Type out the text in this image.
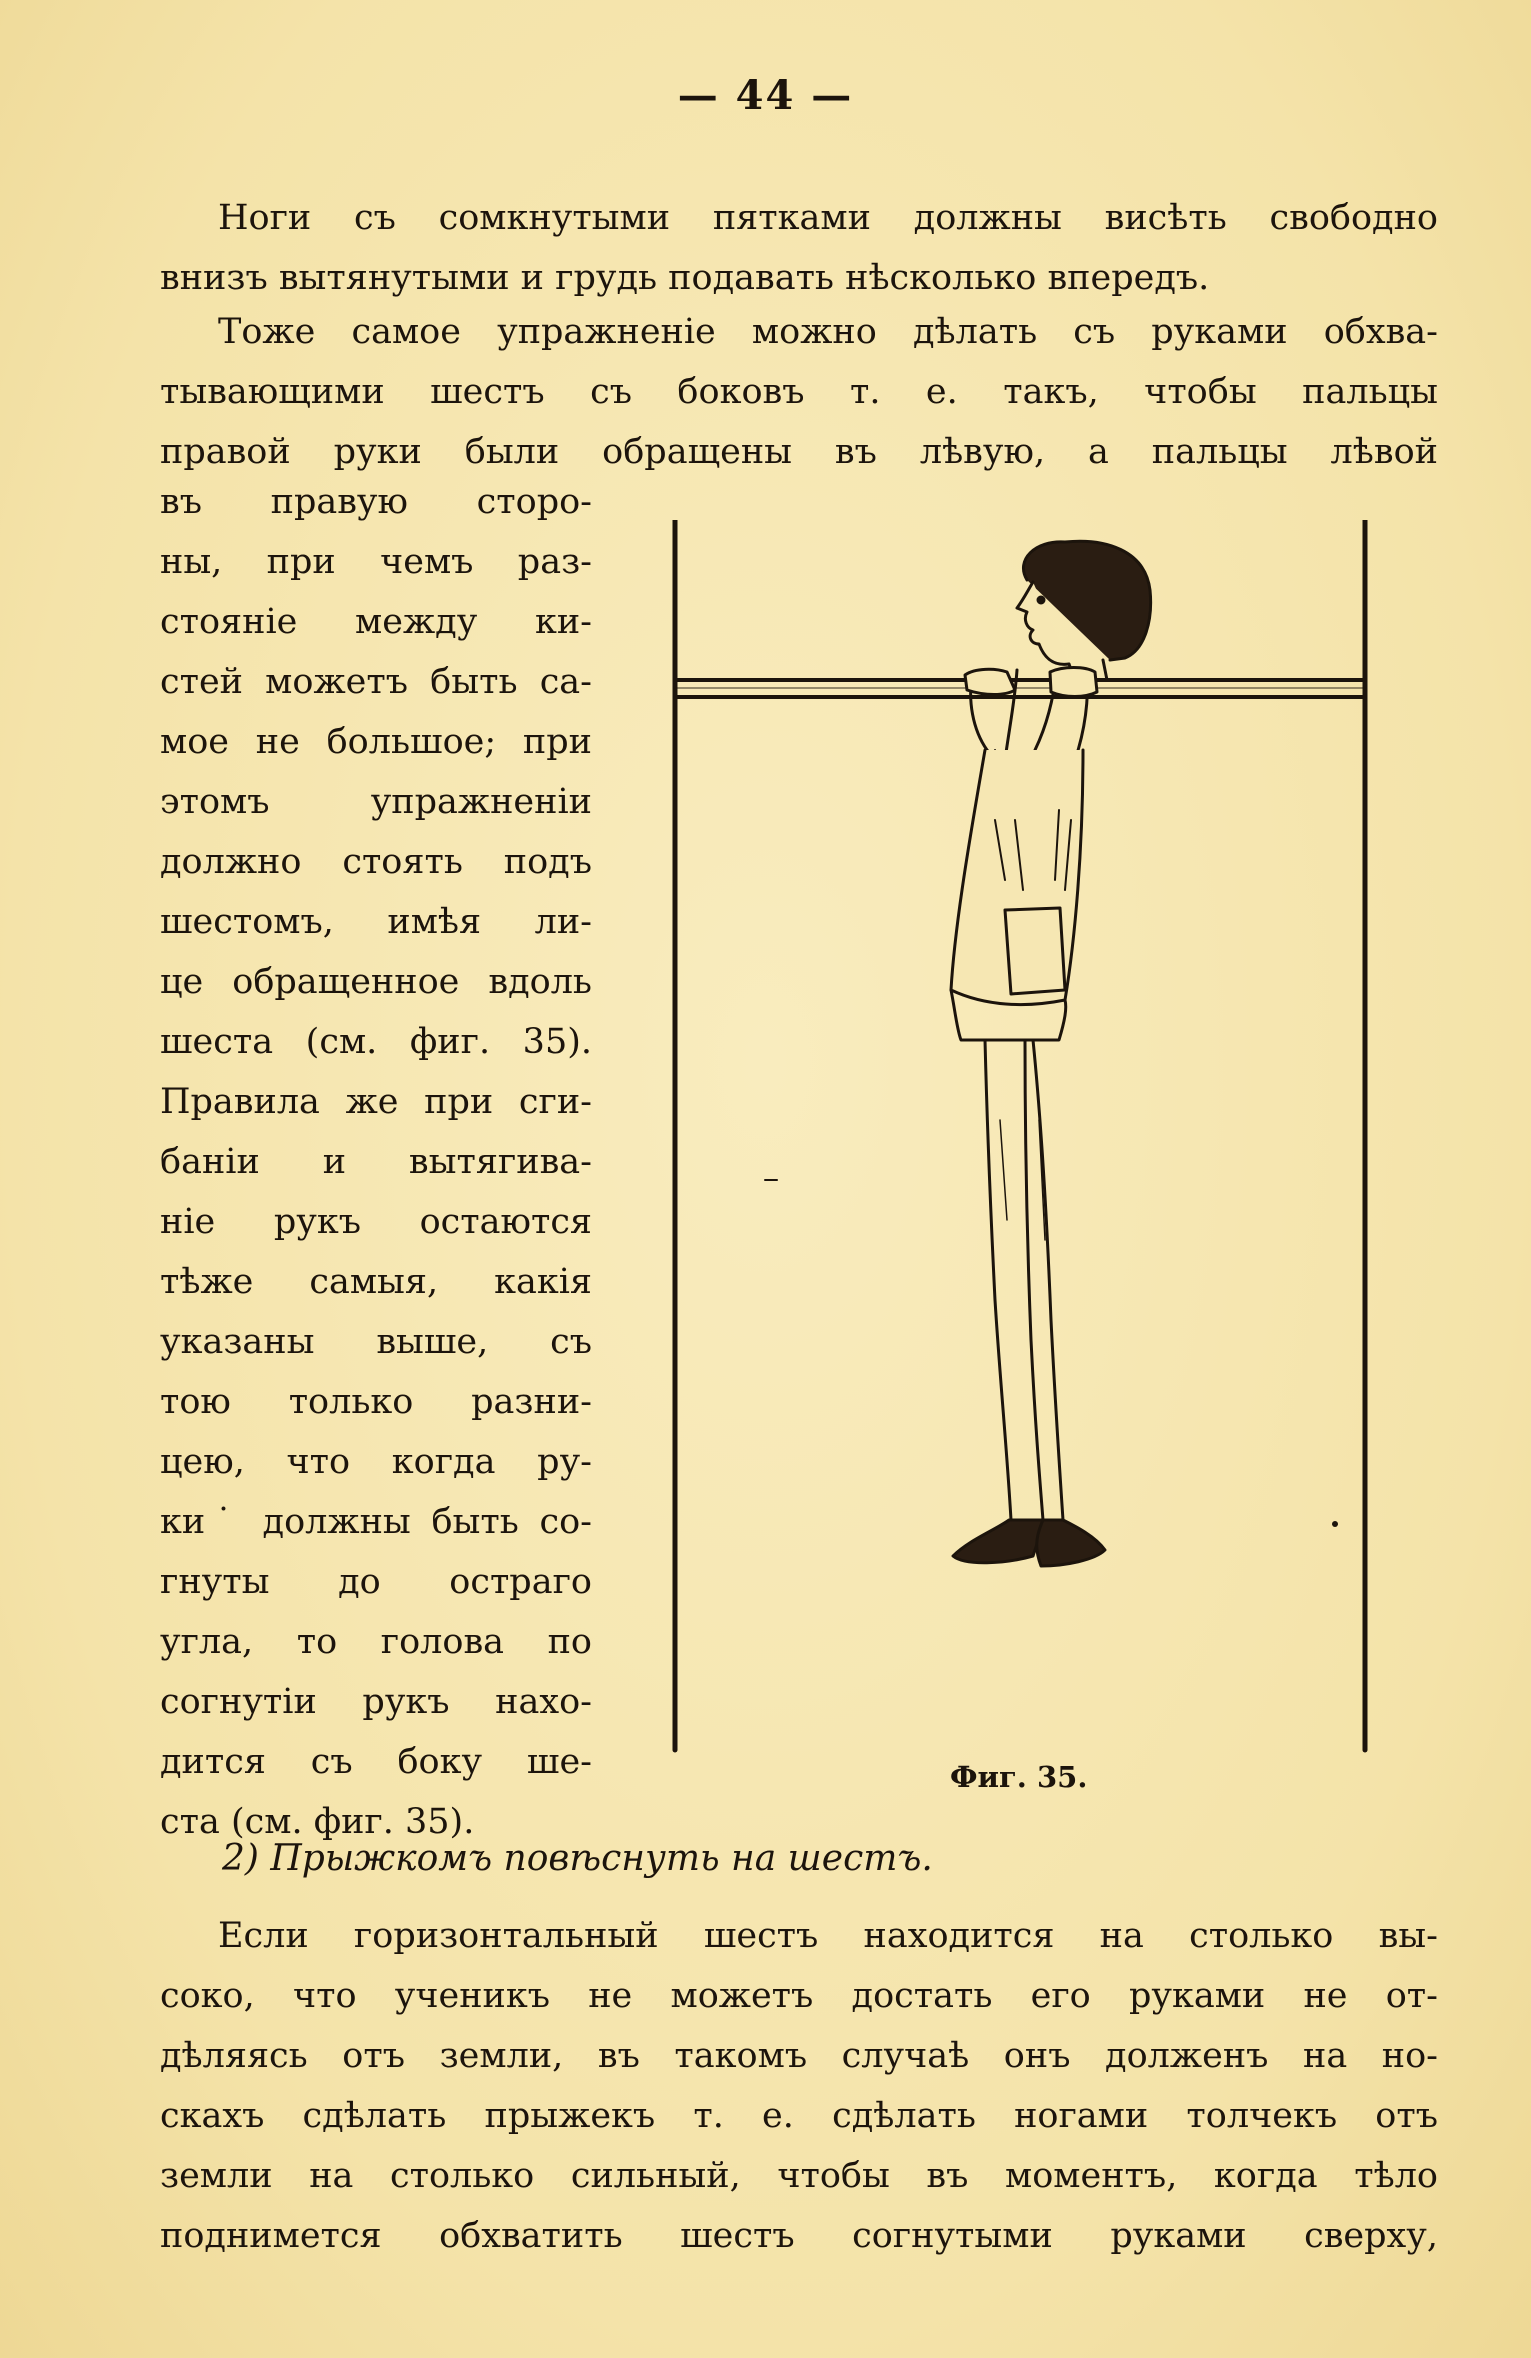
— 44 —
Ноги съ сомкнутыми пятками должны висѣть свободно
внизъ вытянутыми и грудь подавать нѣсколько впередъ.
Тоже самое упражненіе можно дѣлать съ руками обхва-
тывающими шестъ съ боковъ т. е. такъ, чтобы пальцы
правой руки были обращены въ лѣвую, а пальцы лѣвой
въ правую сторо-
ны, при чемъ раз-
стояніе между ки-
стей можетъ быть са-
мое не большое; при
этомъ упражненіи
должно стоять подъ
шестомъ, имѣя ли-
це обращенное вдоль
шеста (см. фиг. 35).
Правила же при сги-
банiи и вытягива-
ніе рукъ остаются
тѣже самыя, какія
указаны выше, съ
тою только разни-
цею, что когда ру-
ки˙ должны быть со-
гнуты до остраго
угла, то голова по
согнутіи рукъ нахо-
дится съ боку ше-
ста (см. фиг. 35).
Фиг. 35.
2) Прыжкомъ повѣснуть на шестъ.
Если горизонтальный шестъ находится на столько вы-
соко, что ученикъ не можетъ достать его руками не от-
дѣляясь отъ земли, въ такомъ случаѣ онъ долженъ на но-
скахъ сдѣлать прыжекъ т. е. сдѣлать ногами толчекъ отъ
земли на столько сильный, чтобы въ моментъ, когда тѣло
поднимется обхватить шестъ согнутыми руками сверху,
